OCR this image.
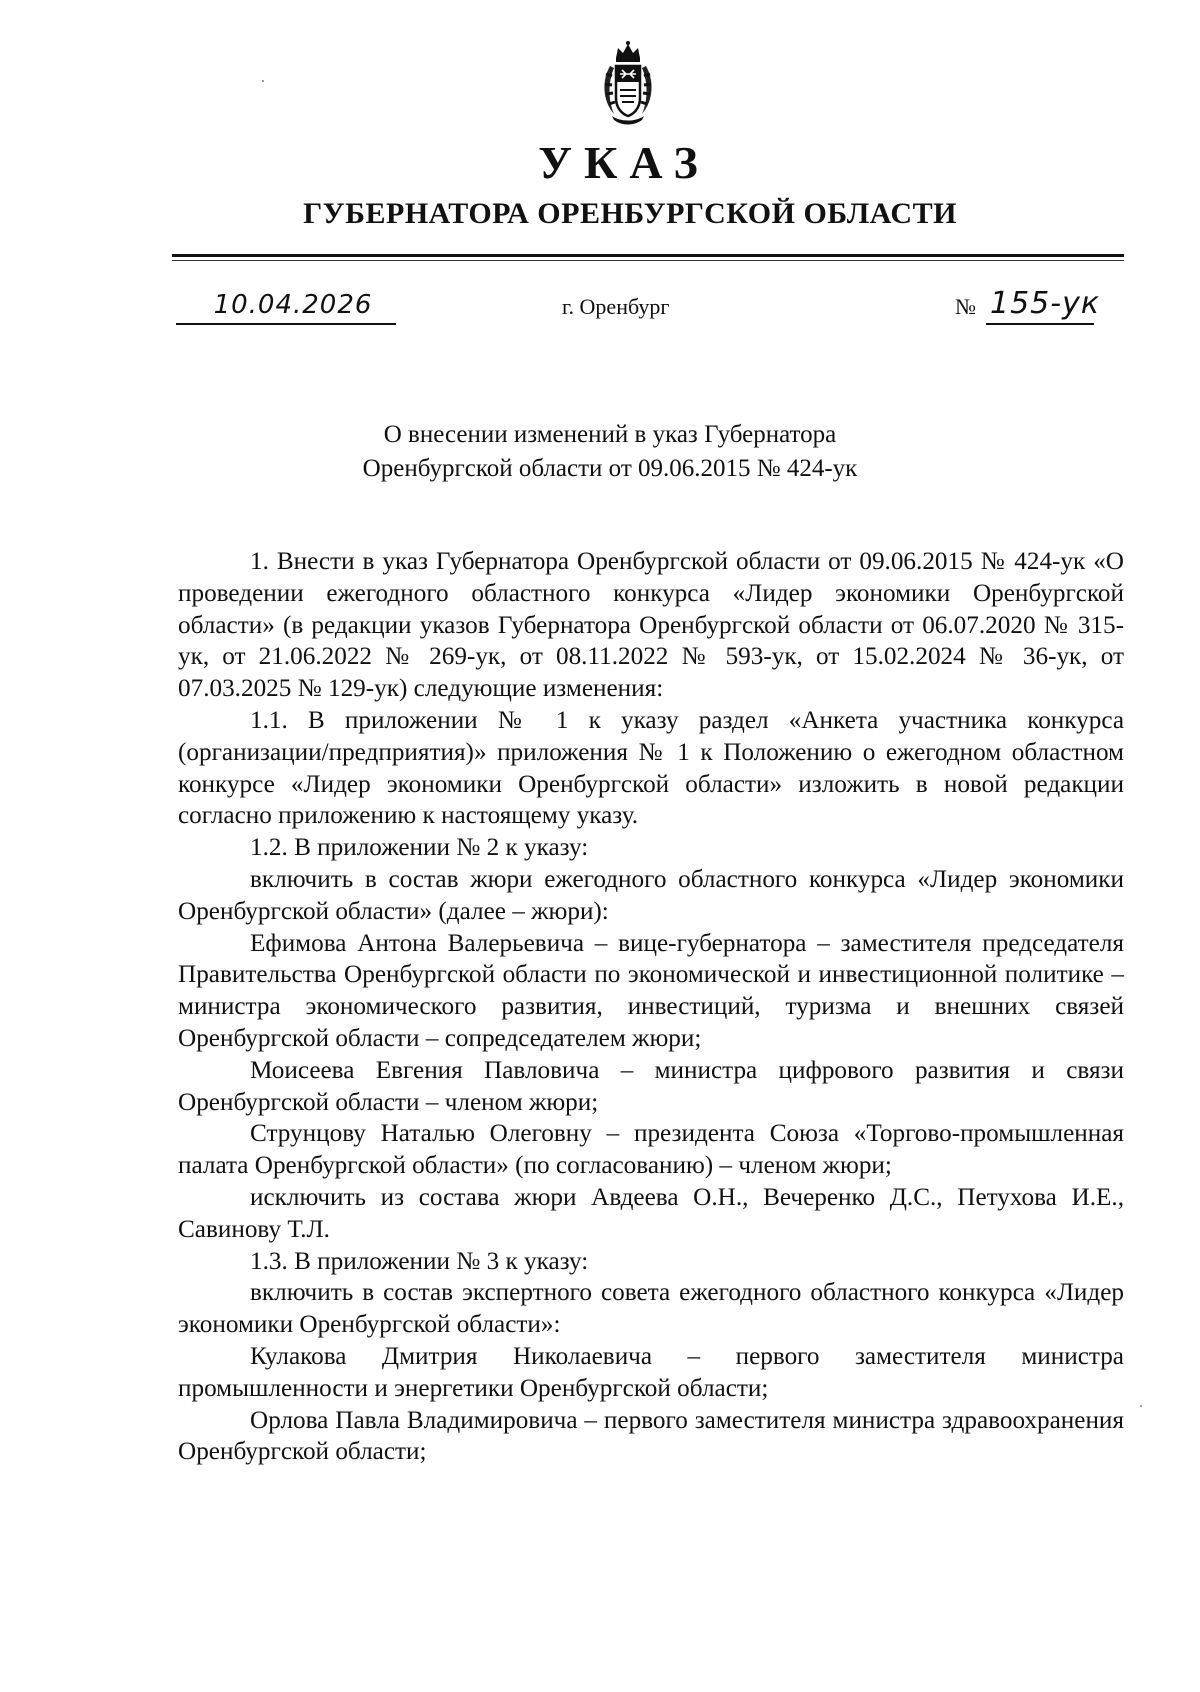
УКАЗ
ГУБЕРНАТОРА ОРЕНБУРГСКОЙ ОБЛАСТИ
10.04.2026	г. Оренбург	№ 155-ук
О внесении изменений в указ Губернатора
Оренбургской области от 09.06.2015 № 424-ук

1. Внести в указ Губернатора Оренбургской области от 09.06.2015 № 424-ук «О проведении ежегодного областного конкурса «Лидер экономики Оренбургской области» (в редакции указов Губернатора Оренбургской области от 06.07.2020 № 315-ук, от 21.06.2022 № 269-ук, от 08.11.2022 № 593-ук, от 15.02.2024 № 36-ук, от 07.03.2025 № 129-ук) следующие изменения:

1.1. В приложении № 1 к указу раздел «Анкета участника конкурса (организации/предприятия)» приложения № 1 к Положению о ежегодном областном конкурсе «Лидер экономики Оренбургской области» изложить в новой редакции согласно приложению к настоящему указу.

1.2. В приложении № 2 к указу:

включить в состав жюри ежегодного областного конкурса «Лидер экономики Оренбургской области» (далее – жюри):

Ефимова Антона Валерьевича – вице-губернатора – заместителя председателя Правительства Оренбургской области по экономической и инвестиционной политике – министра экономического развития, инвестиций, туризма и внешних связей Оренбургской области – сопредседателем жюри;

Моисеева Евгения Павловича – министра цифрового развития и связи Оренбургской области – членом жюри;

Струнцову Наталью Олеговну – президента Союза «Торгово-промышленная палата Оренбургской области» (по согласованию) – членом жюри;

исключить из состава жюри Авдеева О.Н., Вечеренко Д.С., Петухова И.Е., Савинову Т.Л.

1.3. В приложении № 3 к указу:

включить в состав экспертного совета ежегодного областного конкурса «Лидер экономики Оренбургской области»:

Кулакова Дмитрия Николаевича – первого заместителя министра промышленности и энергетики Оренбургской области;

Орлова Павла Владимировича – первого заместителя министра здравоохранения Оренбургской области;
